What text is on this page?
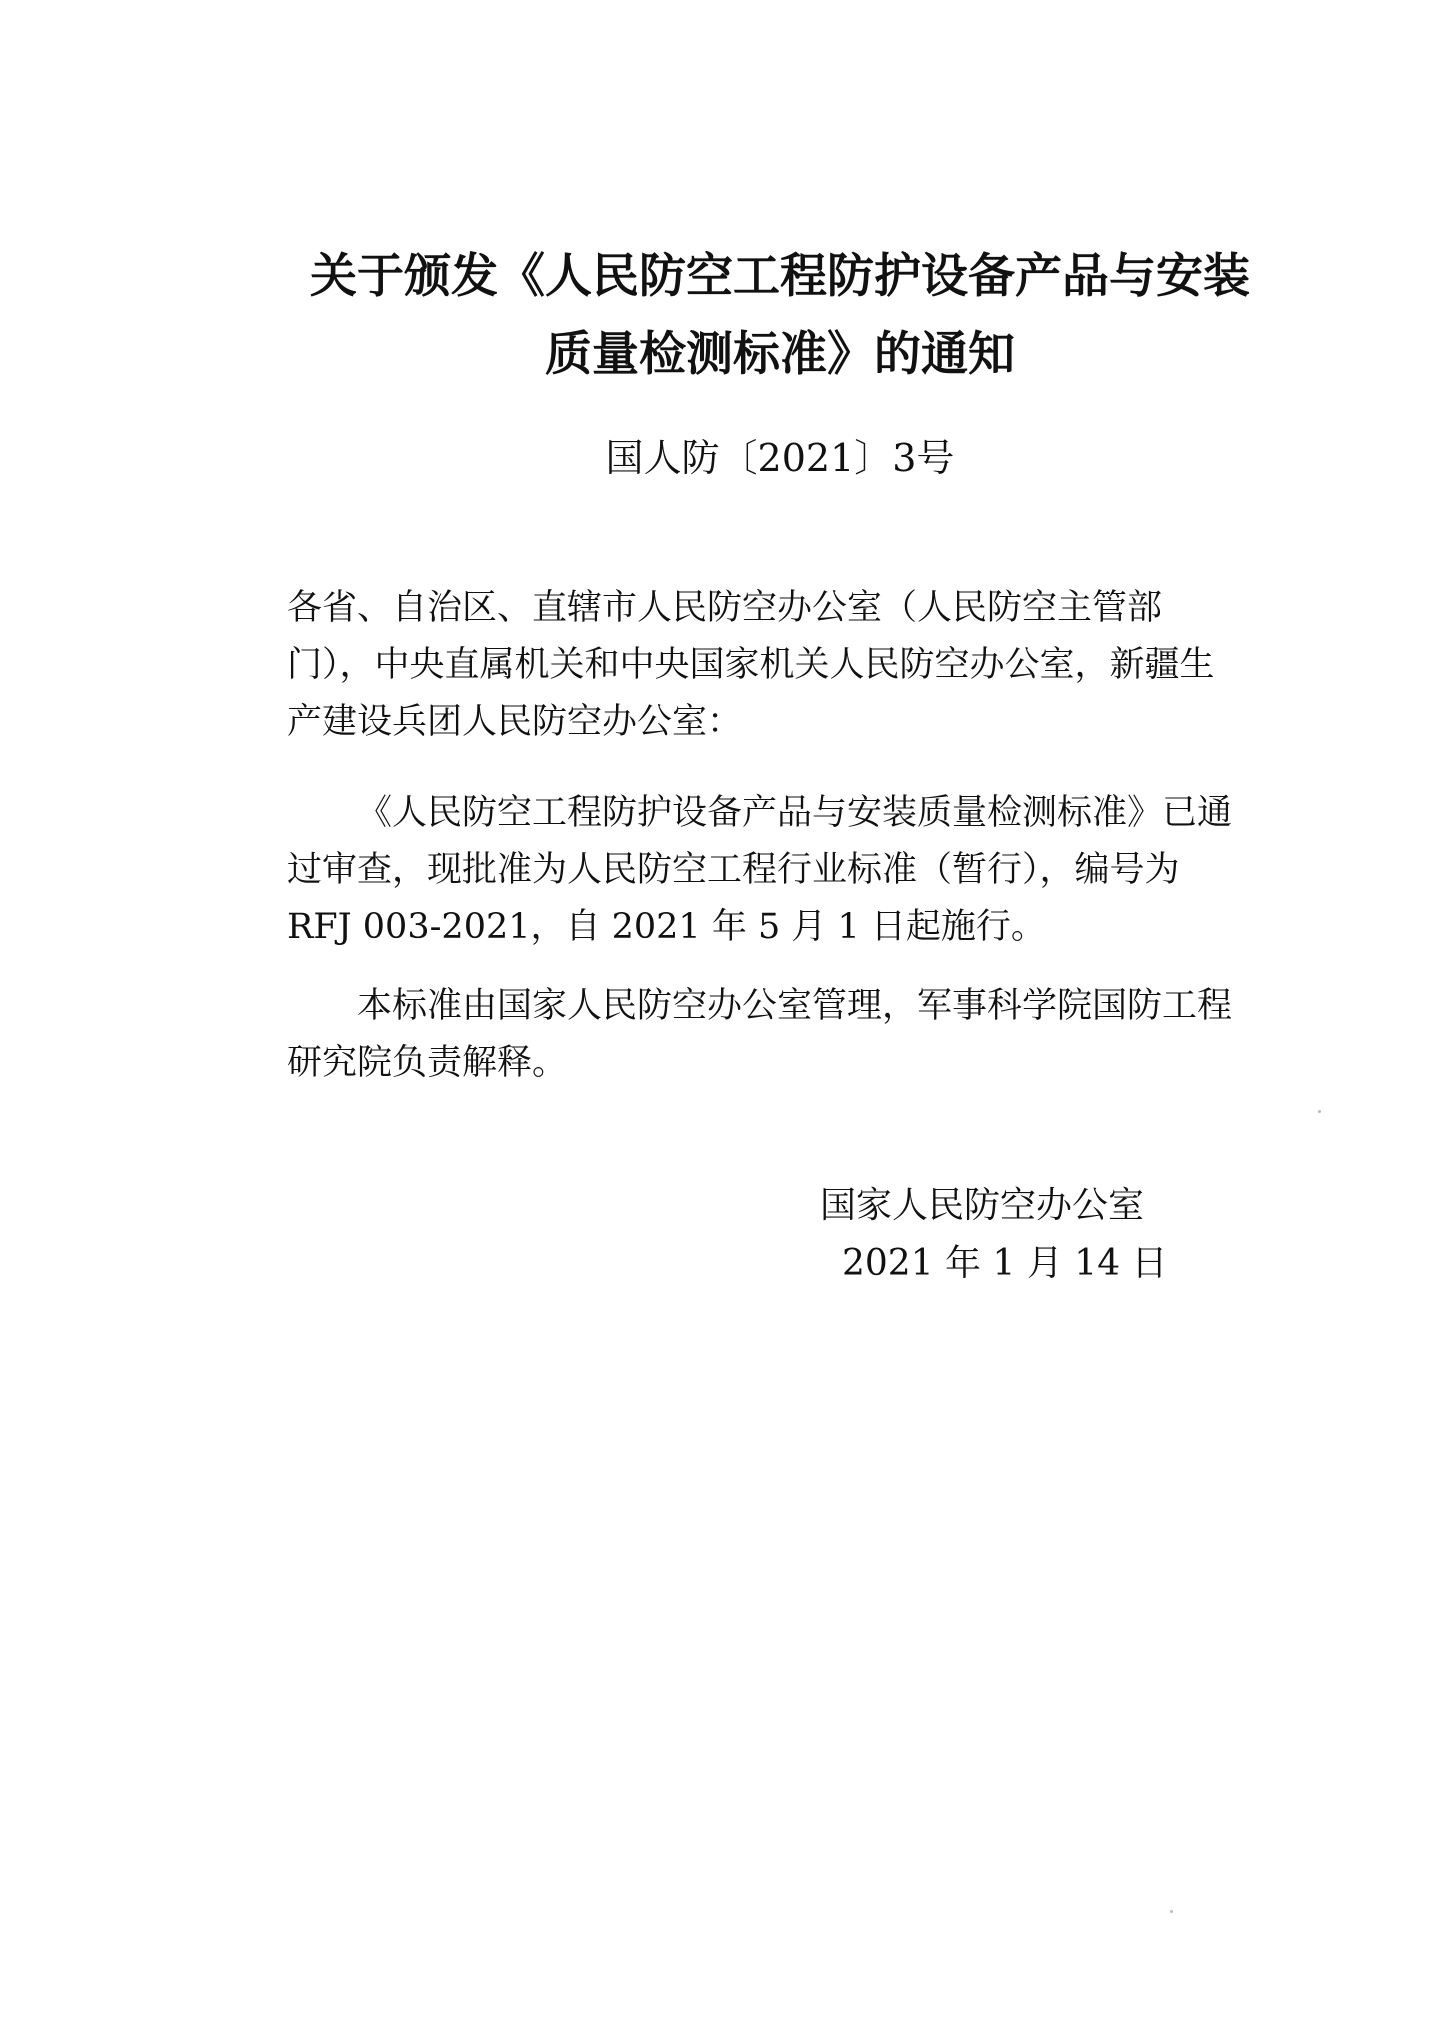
关于颁发《人民防空工程防护设备产品与安装
质量检测标准》的通知
国人防〔2021〕3号
各省、自治区、直辖市人民防空办公室（人民防空主管部
门），中央直属机关和中央国家机关人民防空办公室，新疆生
产建设兵团人民防空办公室：
《人民防空工程防护设备产品与安装质量检测标准》已通
过审查，现批准为人民防空工程行业标准（暂行），编号为
RFJ 003-2021，自 2021 年 5 月 1 日起施行。
本标准由国家人民防空办公室管理，军事科学院国防工程
研究院负责解释。
国家人民防空办公室
2021 年 1 月 14 日
